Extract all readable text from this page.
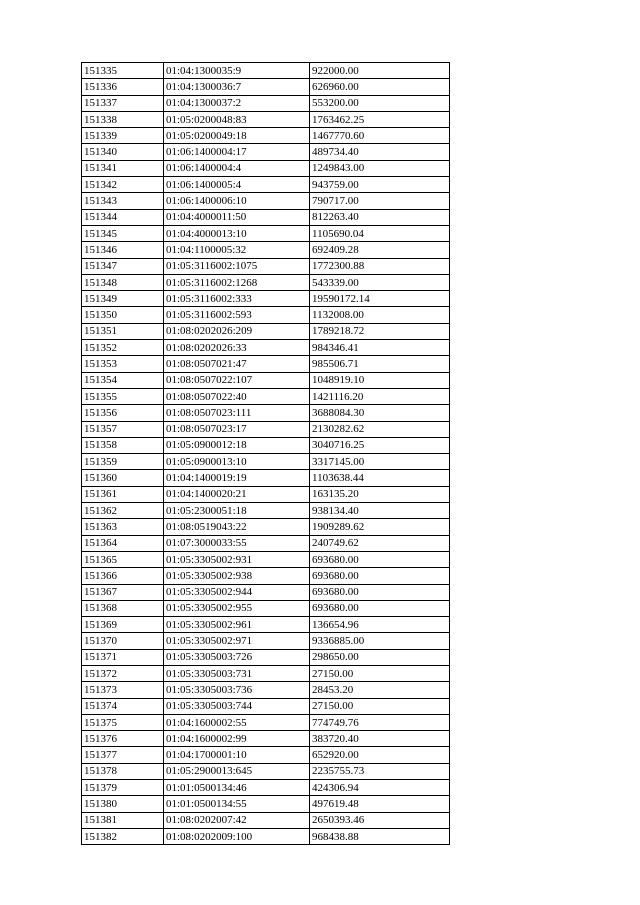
151335	01:04:1300035:9	922000.00
151336	01:04:1300036:7	626960.00
151337	01:04:1300037:2	553200.00
151338	01:05:0200048:83	1763462.25
151339	01:05:0200049:18	1467770.60
151340	01:06:1400004:17	489734.40
151341	01:06:1400004:4	1249843.00
151342	01:06:1400005:4	943759.00
151343	01:06:1400006:10	790717.00
151344	01:04:4000011:50	812263.40
151345	01:04:4000013:10	1105690.04
151346	01:04:1100005:32	692409.28
151347	01:05:3116002:1075	1772300.88
151348	01:05:3116002:1268	543339.00
151349	01:05:3116002:333	19590172.14
151350	01:05:3116002:593	1132008.00
151351	01:08:0202026:209	1789218.72
151352	01:08:0202026:33	984346.41
151353	01:08:0507021:47	985506.71
151354	01:08:0507022:107	1048919.10
151355	01:08:0507022:40	1421116.20
151356	01:08:0507023:111	3688084.30
151357	01:08:0507023:17	2130282.62
151358	01:05:0900012:18	3040716.25
151359	01:05:0900013:10	3317145.00
151360	01:04:1400019:19	1103638.44
151361	01:04:1400020:21	163135.20
151362	01:05:2300051:18	938134.40
151363	01:08:0519043:22	1909289.62
151364	01:07:3000033:55	240749.62
151365	01:05:3305002:931	693680.00
151366	01:05:3305002:938	693680.00
151367	01:05:3305002:944	693680.00
151368	01:05:3305002:955	693680.00
151369	01:05:3305002:961	136654.96
151370	01:05:3305002:971	9336885.00
151371	01:05:3305003:726	298650.00
151372	01:05:3305003:731	27150.00
151373	01:05:3305003:736	28453.20
151374	01:05:3305003:744	27150.00
151375	01:04:1600002:55	774749.76
151376	01:04:1600002:99	383720.40
151377	01:04:1700001:10	652920.00
151378	01:05:2900013:645	2235755.73
151379	01:01:0500134:46	424306.94
151380	01:01:0500134:55	497619.48
151381	01:08:0202007:42	2650393.46
151382	01:08:0202009:100	968438.88
